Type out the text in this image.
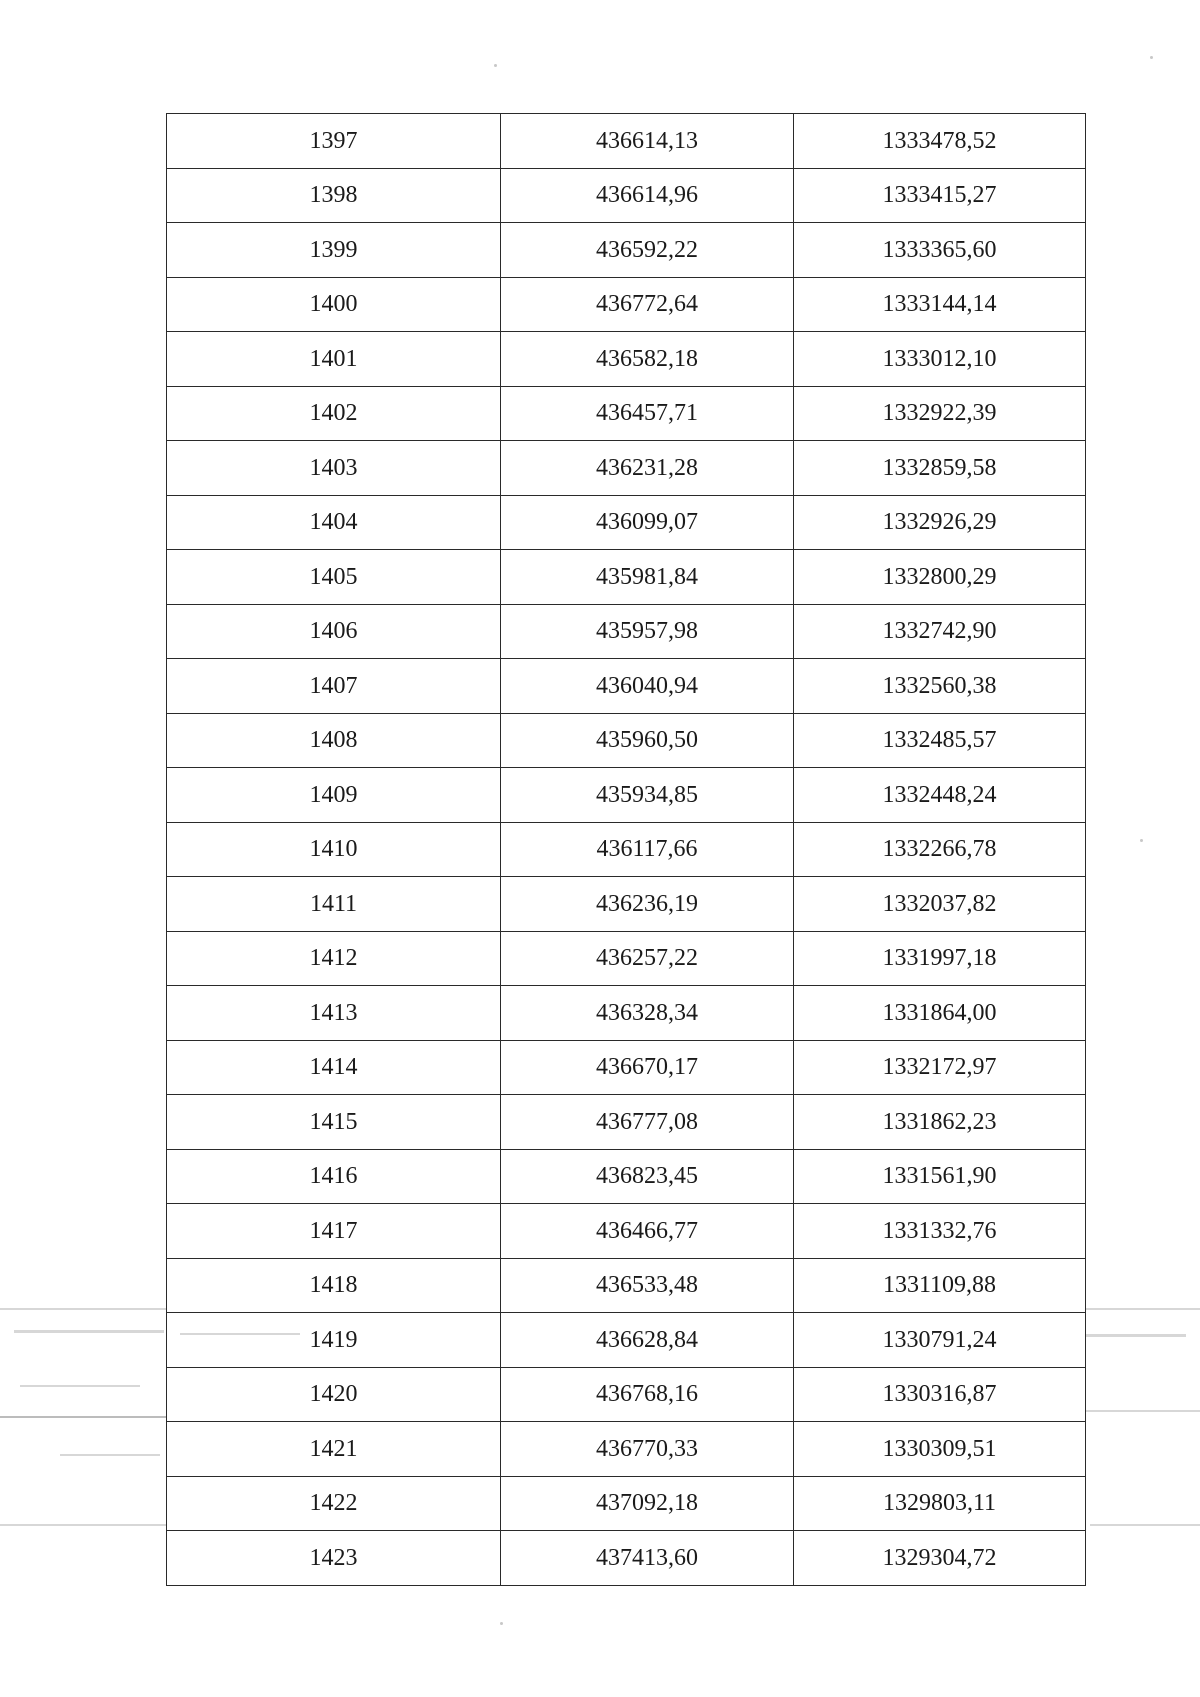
1397	436614,13	1333478,52
1398	436614,96	1333415,27
1399	436592,22	1333365,60
1400	436772,64	1333144,14
1401	436582,18	1333012,10
1402	436457,71	1332922,39
1403	436231,28	1332859,58
1404	436099,07	1332926,29
1405	435981,84	1332800,29
1406	435957,98	1332742,90
1407	436040,94	1332560,38
1408	435960,50	1332485,57
1409	435934,85	1332448,24
1410	436117,66	1332266,78
1411	436236,19	1332037,82
1412	436257,22	1331997,18
1413	436328,34	1331864,00
1414	436670,17	1332172,97
1415	436777,08	1331862,23
1416	436823,45	1331561,90
1417	436466,77	1331332,76
1418	436533,48	1331109,88
1419	436628,84	1330791,24
1420	436768,16	1330316,87
1421	436770,33	1330309,51
1422	437092,18	1329803,11
1423	437413,60	1329304,72
